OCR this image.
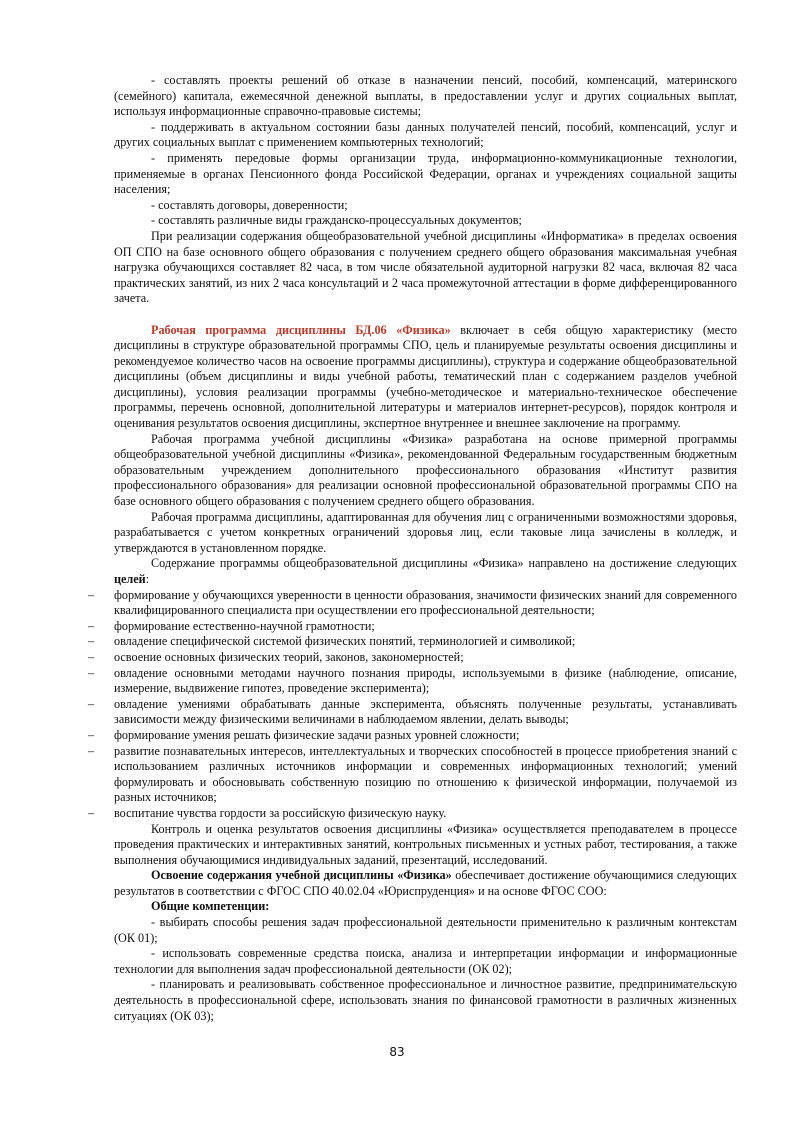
- составлять проекты решений об отказе в назначении пенсий, пособий, компенсаций, материнского (семейного) капитала, ежемесячной денежной выплаты, в предоставлении услуг и других социальных выплат, используя информационные справочно-правовые системы;

- поддерживать в актуальном состоянии базы данных получателей пенсий, пособий, компенсаций, услуг и других социальных выплат с применением компьютерных технологий;

- применять передовые формы организации труда, информационно-коммуникационные технологии, применяемые в органах Пенсионного фонда Российской Федерации, органах и учреждениях социальной защиты населения;

- составлять договоры, доверенности;

- составлять различные виды гражданско-процессуальных документов;

При реализации содержания общеобразовательной учебной дисциплины «Информатика» в пределах освоения ОП СПО на базе основного общего образования с получением среднего общего образования максимальная учебная нагрузка обучающихся составляет 82 часа, в том числе обязательной аудиторной нагрузки 82 часа, включая 82 часа практических занятий, из них 2 часа консультаций и 2 часа промежуточной аттестации в форме дифференцированного зачета.

Рабочая программа дисциплины БД.06 «Физика» включает в себя общую характеристику (место дисциплины в структуре образовательной программы СПО, цель и планируемые результаты освоения дисциплины и рекомендуемое количество часов на освоение программы дисциплины), структура и содержание общеобразовательной дисциплины (объем дисциплины и виды учебной работы, тематический план с содержанием разделов учебной дисциплины), условия реализации программы (учебно-методическое и материально-техническое обеспечение программы, перечень основной, дополнительной литературы и материалов интернет-ресурсов), порядок контроля и оценивания результатов освоения дисциплины, экспертное внутреннее и внешнее заключение на программу.

Рабочая программа учебной дисциплины «Физика» разработана на основе примерной программы общеобразовательной учебной дисциплины «Физика», рекомендованной Федеральным государственным бюджетным образовательным учреждением дополнительного профессионального образования «Институт развития профессионального образования» для реализации основной профессиональной образовательной программы СПО на базе основного общего образования с получением среднего общего образования.

Рабочая программа дисциплины, адаптированная для обучения лиц с ограниченными возможностями здоровья, разрабатывается с учетом конкретных ограничений здоровья лиц, если таковые лица зачислены в колледж, и утверждаются в установленном порядке.

Содержание программы общеобразовательной дисциплины «Физика» направлено на достижение следующих целей:

– формирование у обучающихся уверенности в ценности образования, значимости физических знаний для современного квалифицированного специалиста при осуществлении его профессиональной деятельности;
– формирование естественно-научной грамотности;
– овладение специфической системой физических понятий, терминологией и символикой;
– освоение основных физических теорий, законов, закономерностей;
– овладение основными методами научного познания природы, используемыми в физике (наблюдение, описание, измерение, выдвижение гипотез, проведение эксперимента);
– овладение умениями обрабатывать данные эксперимента, объяснять полученные результаты, устанавливать зависимости между физическими величинами в наблюдаемом явлении, делать выводы;
– формирование умения решать физические задачи разных уровней сложности;
– развитие познавательных интересов, интеллектуальных и творческих способностей в процессе приобретения знаний с использованием различных источников информации и современных информационных технологий; умений формулировать и обосновывать собственную позицию по отношению к физической информации, получаемой из разных источников;
– воспитание чувства гордости за российскую физическую науку.

Контроль и оценка результатов освоения дисциплины «Физика» осуществляется преподавателем в процессе проведения практических и интерактивных занятий, контрольных письменных и устных работ, тестирования, а также выполнения обучающимися индивидуальных заданий, презентаций, исследований.

Освоение содержания учебной дисциплины «Физика» обеспечивает достижение обучающимися следующих результатов в соответствии с ФГОС СПО 40.02.04 «Юриспруденция» и на основе ФГОС СОО:

Общие компетенции:

- выбирать способы решения задач профессиональной деятельности применительно к различным контекстам (ОК 01);

- использовать современные средства поиска, анализа и интерпретации информации и информационные технологии для выполнения задач профессиональной деятельности (ОК 02);

- планировать и реализовывать собственное профессиональное и личностное развитие, предпринимательскую деятельность в профессиональной сфере, использовать знания по финансовой грамотности в различных жизненных ситуациях (ОК 03);

83
